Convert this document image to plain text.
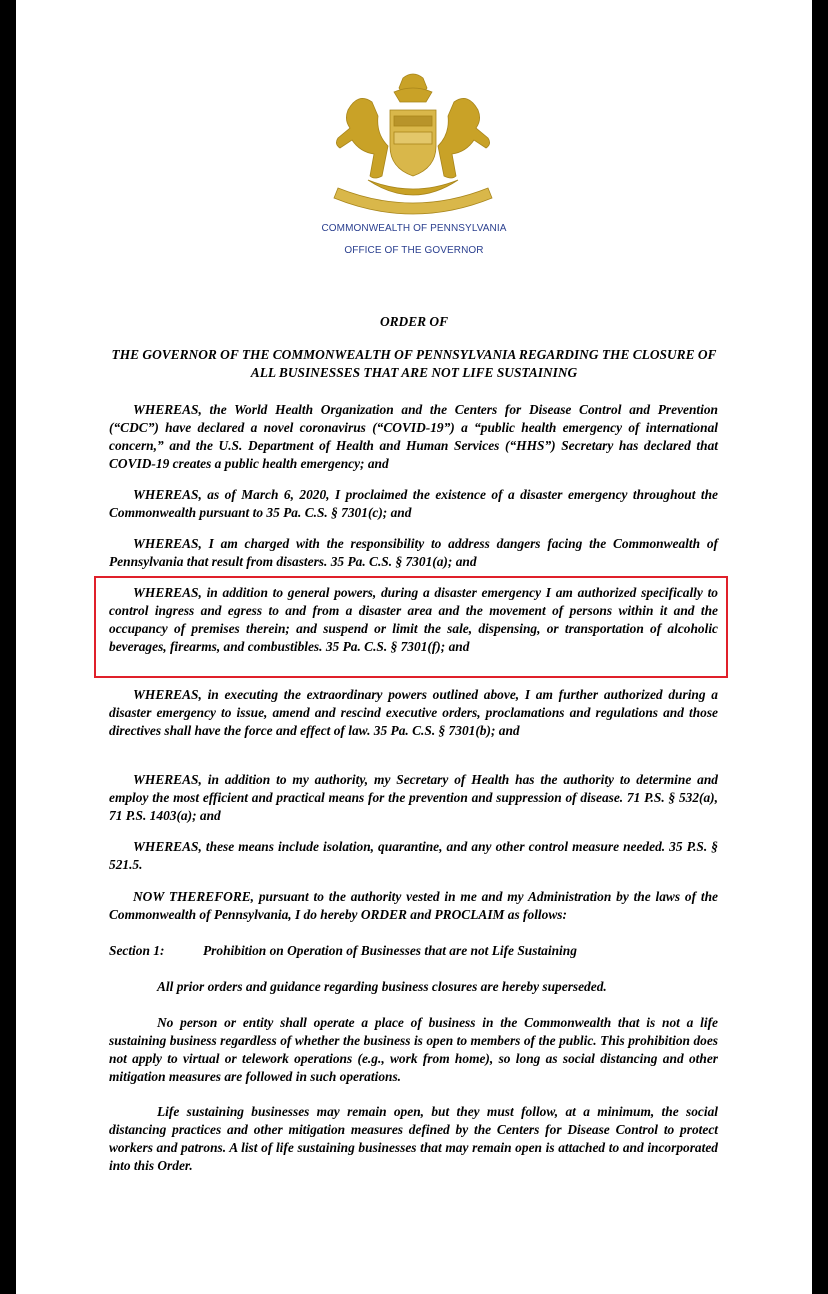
COMMONWEALTH OF PENNSYLVANIA
OFFICE OF THE GOVERNOR
ORDER OF
THE GOVERNOR OF THE COMMONWEALTH OF PENNSYLVANIA REGARDING THE CLOSURE OF ALL BUSINESSES THAT ARE NOT LIFE SUSTAINING
WHEREAS, the World Health Organization and the Centers for Disease Control and Prevention (“CDC”) have declared a novel coronavirus (“COVID-19”) a “public health emergency of international concern,” and the U.S. Department of Health and Human Services (“HHS”) Secretary has declared that COVID-19 creates a public health emergency; and
WHEREAS, as of March 6, 2020, I proclaimed the existence of a disaster emergency throughout the Commonwealth pursuant to 35 Pa. C.S. § 7301(c); and
WHEREAS, I am charged with the responsibility to address dangers facing the Commonwealth of Pennsylvania that result from disasters. 35 Pa. C.S. § 7301(a); and
WHEREAS, in addition to general powers, during a disaster emergency I am authorized specifically to control ingress and egress to and from a disaster area and the movement of persons within it and the occupancy of premises therein; and suspend or limit the sale, dispensing, or transportation of alcoholic beverages, firearms, and combustibles. 35 Pa. C.S. § 7301(f); and
WHEREAS, in executing the extraordinary powers outlined above, I am further authorized during a disaster emergency to issue, amend and rescind executive orders, proclamations and regulations and those directives shall have the force and effect of law. 35 Pa. C.S. § 7301(b); and
WHEREAS, in addition to my authority, my Secretary of Health has the authority to determine and employ the most efficient and practical means for the prevention and suppression of disease. 71 P.S. § 532(a), 71 P.S. 1403(a); and
WHEREAS, these means include isolation, quarantine, and any other control measure needed. 35 P.S. § 521.5.
NOW THEREFORE, pursuant to the authority vested in me and my Administration by the laws of the Commonwealth of Pennsylvania, I do hereby ORDER and PROCLAIM as follows:
Section 1:	Prohibition on Operation of Businesses that are not Life Sustaining
All prior orders and guidance regarding business closures are hereby superseded.
No person or entity shall operate a place of business in the Commonwealth that is not a life sustaining business regardless of whether the business is open to members of the public. This prohibition does not apply to virtual or telework operations (e.g., work from home), so long as social distancing and other mitigation measures are followed in such operations.
Life sustaining businesses may remain open, but they must follow, at a minimum, the social distancing practices and other mitigation measures defined by the Centers for Disease Control to protect workers and patrons. A list of life sustaining businesses that may remain open is attached to and incorporated into this Order.
